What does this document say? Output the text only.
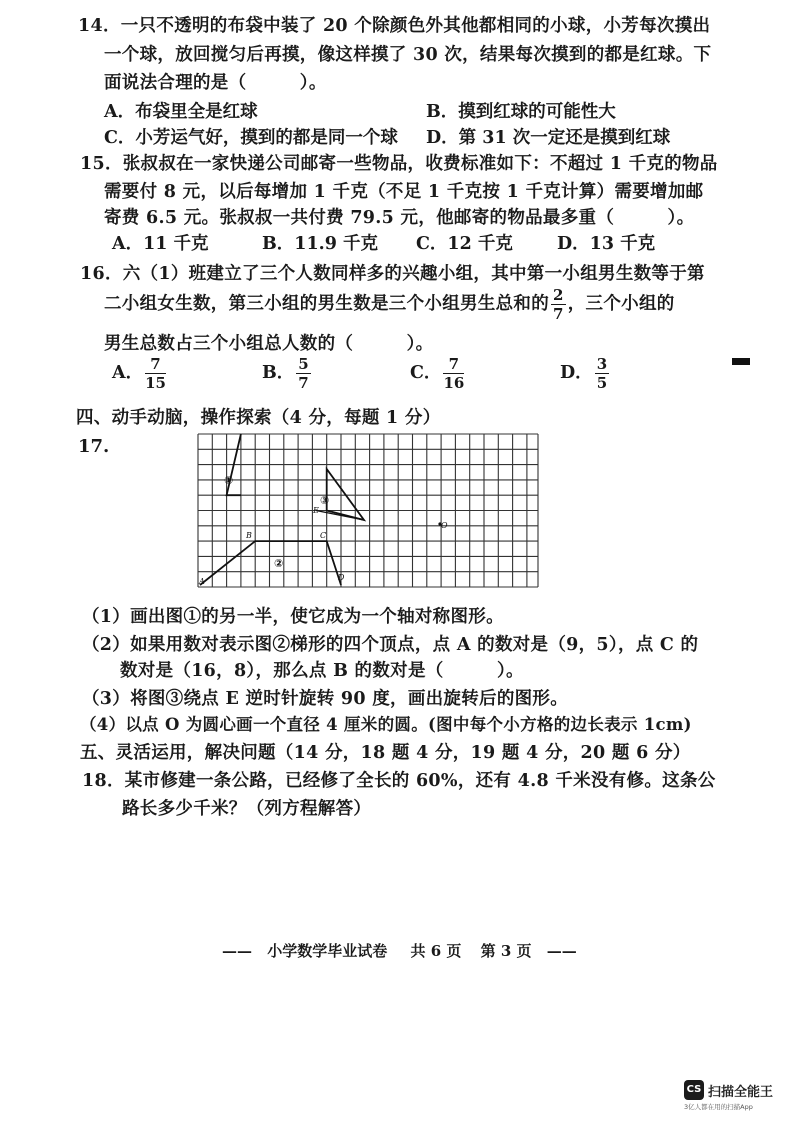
14．一只不透明的布袋中装了 20 个除颜色外其他都相同的小球，小芳每次摸出
一个球，放回搅匀后再摸，像这样摸了 30 次，结果每次摸到的都是红球。下
面说法合理的是（　　　）。
A．布袋里全是红球	B．摸到红球的可能性大
C．小芳运气好，摸到的都是同一个球 D．第 31 次一定还是摸到红球
15．张叔叔在一家快递公司邮寄一些物品，收费标准如下：不超过 1 千克的物品
需要付 8 元，以后每增加 1 千克（不足 1 千克按 1 千克计算）需要增加邮
寄费 6.5 元。张叔叔一共付费 79.5 元，他邮寄的物品最多重（　　　）。
A．11 千克	B．11.9 千克 C．12 千克	D．13 千克
16．六（1）班建立了三个人数同样多的兴趣小组，其中第一小组男生数等于第
二小组女生数，第三小组的男生数是三个小组男生总和的 $\frac{2}{7}$ ，三个小组的
男生总数占三个小组总人数的（　　　）。
A． $\frac{7}{15}$	B． $\frac{5}{7}$	C． $\frac{7}{16}$	D． $\frac{3}{5}$
四、动手动脑，操作探索（4 分，每题 1 分）
17.
①
②
③
A
B	C
D
E
O
（1）画出图①的另一半，使它成为一个轴对称图形。
（2）如果用数对表示图②梯形的四个顶点，点 A 的数对是（9，5），点 C 的
数对是（16，8），那么点 B 的数对是（　　　）。
（3）将图③绕点 E 逆时针旋转 90 度，画出旋转后的图形。
（4）以点 O 为圆心画一个直径 4 厘米的圆。(图中每个小方格的边长表示 1cm)
五、灵活运用，解决问题（14 分，18 题 4 分，19 题 4 分，20 题 6 分）
18．某市修建一条公路，已经修了全长的 60%，还有 4.8 千米没有修。这条公
路长多少千米？（列方程解答）
—— 小学数学毕业试卷 共 6 页 第 3 页 ——
CS 扫描全能王
3亿人都在用的扫描App
